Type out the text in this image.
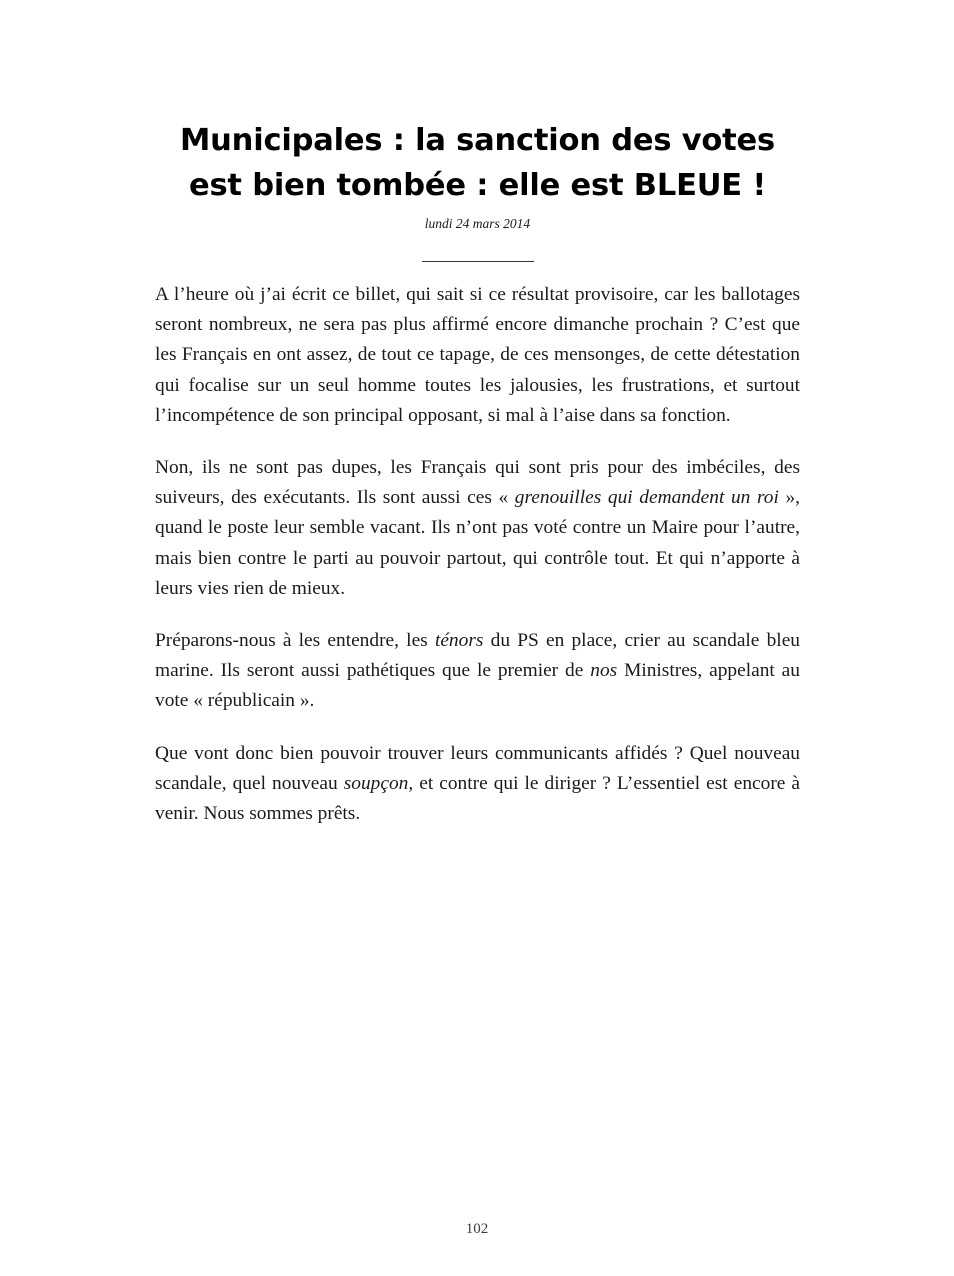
Municipales : la sanction des votes est bien tombée : elle est BLEUE !
lundi 24 mars 2014

A l’heure où j’ai écrit ce billet, qui sait si ce résultat provisoire, car les ballotages seront nombreux, ne sera pas plus affirmé encore dimanche prochain ? C’est que les Français en ont assez, de tout ce tapage, de ces mensonges, de cette détestation qui focalise sur un seul homme toutes les jalousies, les frustrations, et surtout l’incompétence de son principal opposant, si mal à l’aise dans sa fonction.

Non, ils ne sont pas dupes, les Français qui sont pris pour des imbéciles, des suiveurs, des exécutants. Ils sont aussi ces « grenouilles qui demandent un roi », quand le poste leur semble vacant. Ils n’ont pas voté contre un Maire pour l’autre, mais bien contre le parti au pouvoir partout, qui contrôle tout. Et qui n’apporte à leurs vies rien de mieux.

Préparons-nous à les entendre, les ténors du PS en place, crier au scandale bleu marine. Ils seront aussi pathétiques que le premier de nos Ministres, appelant au vote « républicain ».

Que vont donc bien pouvoir trouver leurs communicants affidés ? Quel nouveau scandale, quel nouveau soupçon, et contre qui le diriger ? L’essentiel est encore à venir. Nous sommes prêts.

102
